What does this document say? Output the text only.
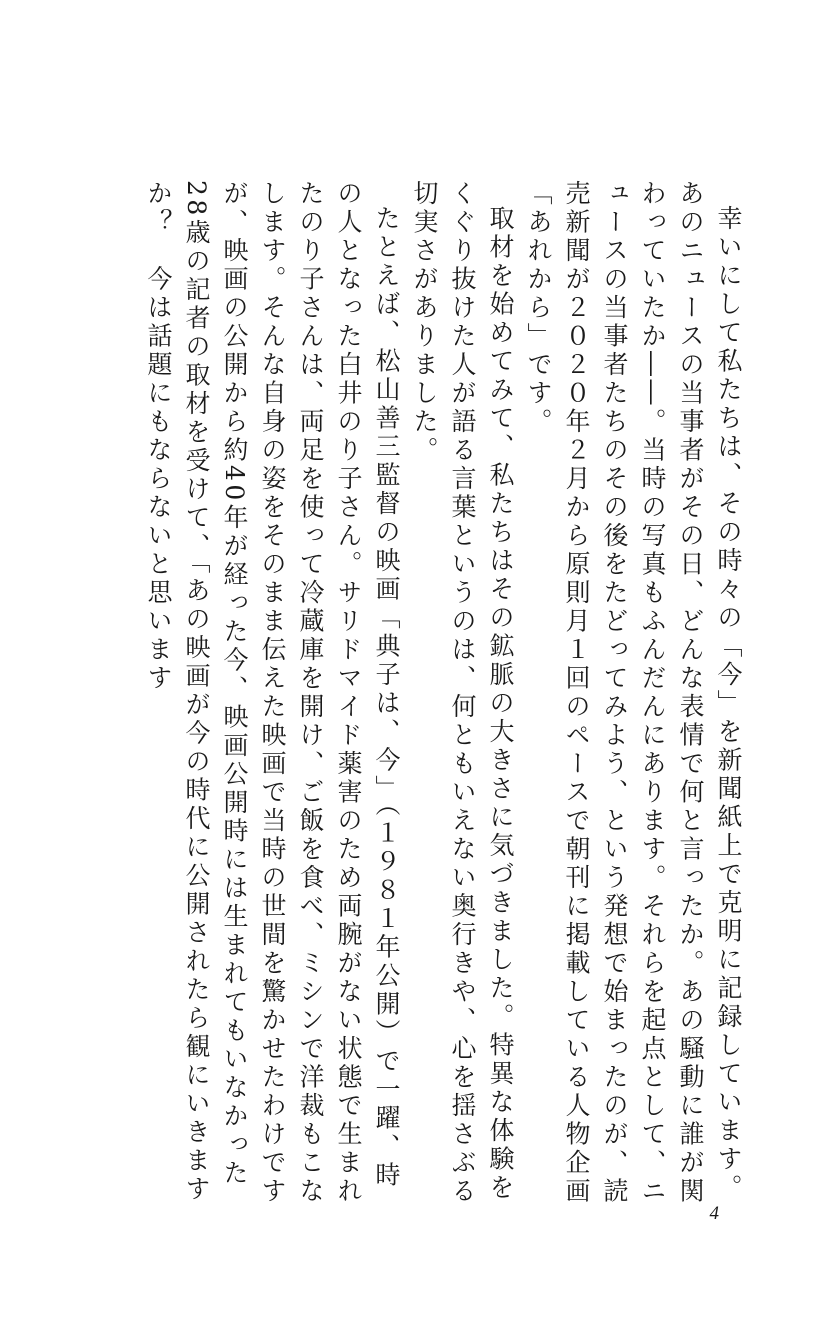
幸いにして私たちは、その時々の「今」を新聞紙上で克明に記録しています。あのニュースの当事者がその日、どんな表情で何と言ったか。あの騒動に誰が関わっていたか――。当時の写真もふんだんにあります。それらを起点として、ニュースの当事者たちのその後をたどってみよう、という発想で始まったのが、読売新聞が２０２０年２月から原則月１回のペースで朝刊に掲載している人物企画「あれから」です。

取材を始めてみて、私たちはその鉱脈の大きさに気づきました。特異な体験をくぐり抜けた人が語る言葉というのは、何ともいえない奥行きや、心を揺さぶる切実さがありました。

たとえば、松山善三監督の映画「典子は、今」（１９８１年公開）で一躍、時の人となった白井のり子さん。サリドマイド薬害のため両腕がない状態で生まれたのり子さんは、両足を使って冷蔵庫を開け、ご飯を食べ、ミシンで洋裁もこなします。そんな自身の姿をそのまま伝えた映画で当時の世間を驚かせたわけですが、映画の公開から約40年が経った今、映画公開時には生まれてもいなかった28歳の記者の取材を受けて、「あの映画が今の時代に公開されたら観にいきますか？　今は話題にもならないと思います

4
